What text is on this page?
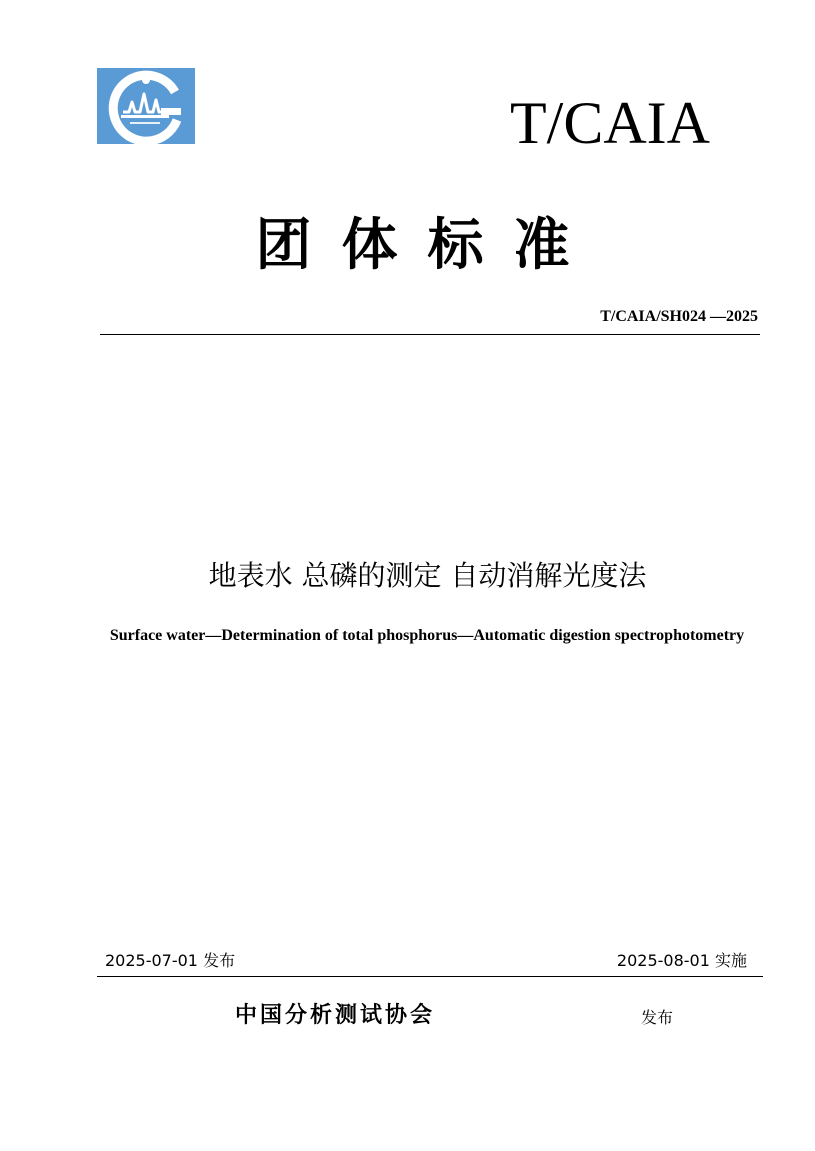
T/CAIA
团体标准
T/CAIA/SH024 —2025
地表水 总磷的测定 自动消解光度法
Surface water—Determination of total phosphorus—Automatic digestion spectrophotometry
2025-07-01 发布	2025-08-01 实施
中国分析测试协会	发布
